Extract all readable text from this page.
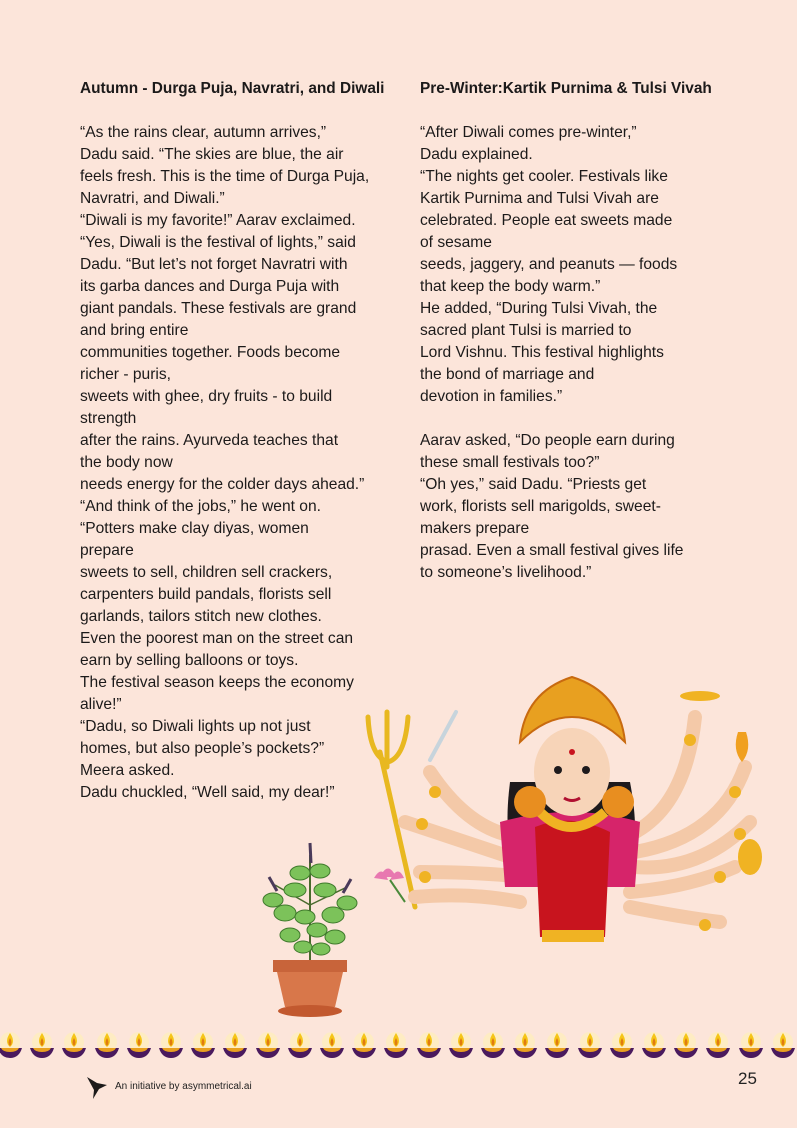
Autumn - Durga Puja, Navratri, and Diwali

“As the rains clear, autumn arrives,”
Dadu said. “The skies are blue, the air
feels fresh. This is the time of Durga Puja,
Navratri, and Diwali.”
“Diwali is my favorite!” Aarav exclaimed.
“Yes, Diwali is the festival of lights,” said
Dadu. “But let’s not forget Navratri with
its garba dances and Durga Puja with
giant pandals. These festivals are grand
and bring entire
communities together. Foods become
richer - puris,
sweets with ghee, dry fruits - to build
strength
after the rains. Ayurveda teaches that
the body now
needs energy for the colder days ahead.”
“And think of the jobs,” he went on.
“Potters make clay diyas, women
prepare
sweets to sell, children sell crackers,
carpenters build pandals, florists sell
garlands, tailors stitch new clothes.
Even the poorest man on the street can
earn by selling balloons or toys.
The festival season keeps the economy
alive!”
“Dadu, so Diwali lights up not just
homes, but also people’s pockets?”
Meera asked.
Dadu chuckled, “Well said, my dear!”

Pre-Winter:Kartik Purnima & Tulsi Vivah

“After Diwali comes pre-winter,”
Dadu explained.
“The nights get cooler. Festivals like
Kartik Purnima and Tulsi Vivah are
celebrated. People eat sweets made
of sesame
seeds, jaggery, and peanuts — foods
that keep the body warm.”
He added, “During Tulsi Vivah, the
sacred plant Tulsi is married to
Lord Vishnu. This festival highlights
the bond of marriage and
devotion in families.”

Aarav asked, “Do people earn during
these small festivals too?”
“Oh yes,” said Dadu. “Priests get
work, florists sell marigolds, sweet-
makers prepare
prasad. Even a small festival gives life
to someone’s livelihood.”

An initiative by asymmetrical.ai	25
